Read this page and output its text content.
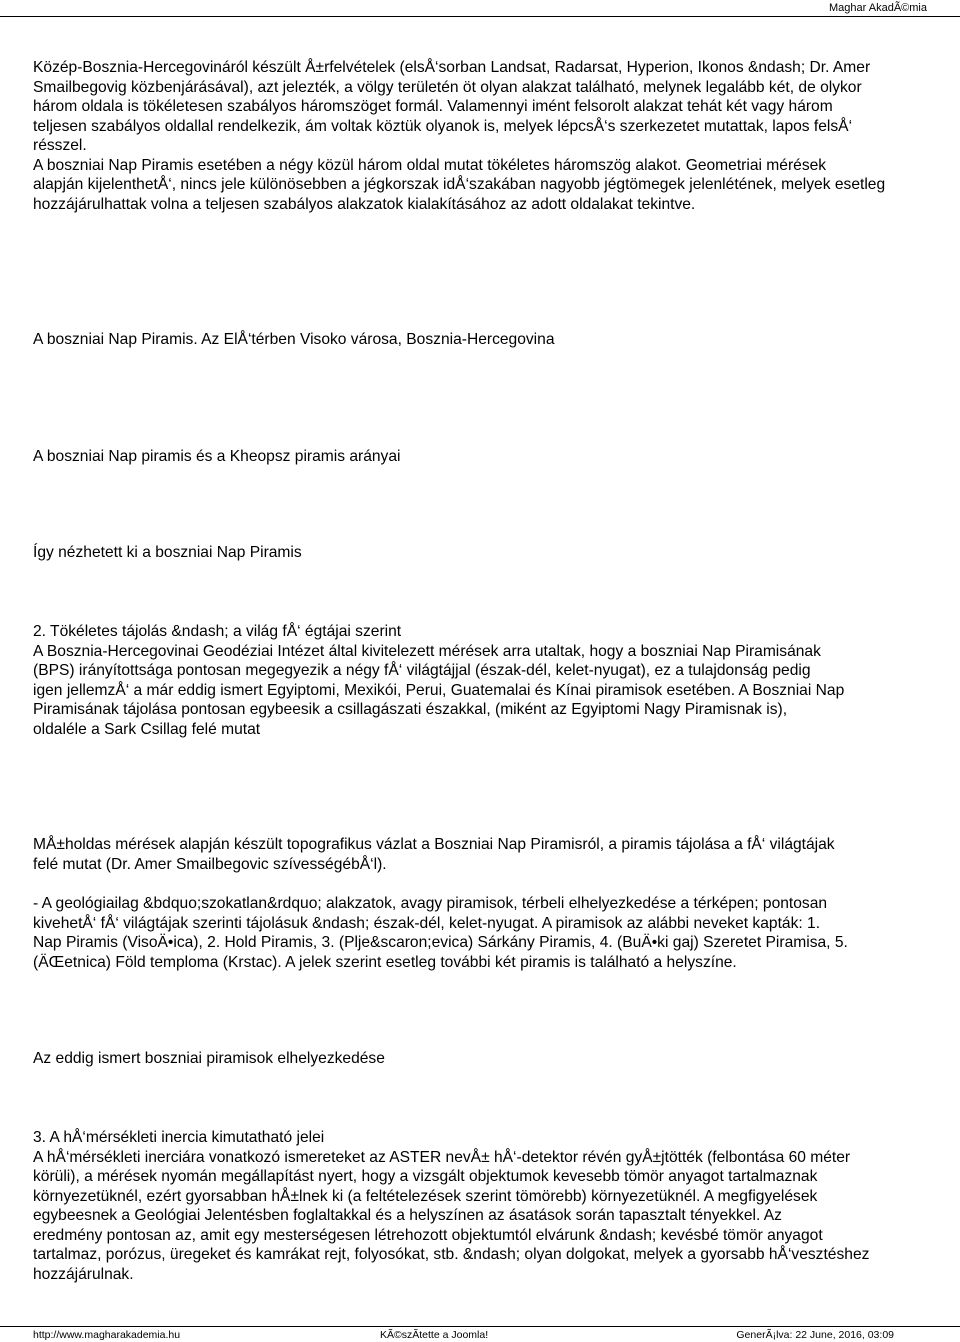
Maghar AkadÃ©mia
Közép-Bosznia-Hercegovináról készült Å±rfelvételek (elsÅ‘sorban Landsat, Radarsat, Hyperion, Ikonos &ndash; Dr. Amer
Smailbegovig közbenjárásával), azt jelezték, a völgy területén öt olyan alakzat található, melynek legalább két, de olykor
három oldala is tökéletesen szabályos háromszöget formál. Valamennyi imént felsorolt alakzat tehát két vagy három
teljesen szabályos oldallal rendelkezik, ám voltak köztük olyanok is, melyek lépcsÅ‘s szerkezetet mutattak, lapos felsÅ‘
résszel.
A boszniai Nap Piramis esetében a négy közül három oldal mutat tökéletes háromszög alakot. Geometriai mérések
alapján kijelenthetÅ‘, nincs jele különösebben a jégkorszak idÅ‘szakában nagyobb jégtömegek jelenlétének, melyek esetleg
hozzájárulhattak volna a teljesen szabályos alakzatok kialakításához az adott oldalakat tekintve.
A boszniai Nap Piramis. Az ElÅ‘térben Visoko városa, Bosznia-Hercegovina
A boszniai Nap piramis és a Kheopsz piramis arányai
Így nézhetett ki a boszniai Nap Piramis
2. Tökéletes tájolás &ndash; a világ fÅ‘ égtájai szerint
A Bosznia-Hercegovinai Geodéziai Intézet által kivitelezett mérések arra utaltak, hogy a boszniai Nap Piramisának
(BPS) irányítottsága pontosan megegyezik a négy fÅ‘ világtájjal (észak-dél, kelet-nyugat), ez a tulajdonság pedig
igen jellemzÅ‘ a már eddig ismert Egyiptomi, Mexikói, Perui, Guatemalai és Kínai piramisok esetében. A Boszniai Nap
Piramisának tájolása pontosan egybeesik a csillagászati északkal, (miként az Egyiptomi Nagy Piramisnak is),
oldaléle a Sark Csillag felé mutat
MÅ±holdas mérések alapján készült topografikus vázlat a Boszniai Nap Piramisról, a piramis tájolása a fÅ‘ világtájak
felé mutat (Dr. Amer Smailbegovic szívességébÅ‘l).
- A geológiailag &bdquo;szokatlan&rdquo; alakzatok, avagy piramisok, térbeli elhelyezkedése a térképen; pontosan
kivehetÅ‘ fÅ‘ világtájak szerinti tájolásuk &ndash; észak-dél, kelet-nyugat. A piramisok az alábbi neveket kapták: 1.
Nap Piramis (VisoÄ•ica), 2. Hold Piramis, 3. (Plje&scaron;evica) Sárkány Piramis, 4. (BuÄ•ki gaj) Szeretet Piramisa, 5.
(ÄŒetnica) Föld temploma (Krstac). A jelek szerint esetleg további két piramis is található a helyszíne.
Az eddig ismert boszniai piramisok elhelyezkedése
3. A hÅ‘mérsékleti inercia kimutatható jelei
A hÅ‘mérsékleti inerciára vonatkozó ismereteket az ASTER nevÅ± hÅ‘-detektor révén gyÅ±jtötték (felbontása 60 méter
körüli), a mérések nyomán megállapítást nyert, hogy a vizsgált objektumok kevesebb tömör anyagot tartalmaznak
környezetüknél, ezért gyorsabban hÅ±lnek ki (a feltételezések szerint tömörebb) környezetüknél. A megfigyelések
egybeesnek a Geológiai Jelentésben foglaltakkal és a helyszínen az ásatások során tapasztalt tényekkel. Az
eredmény pontosan az, amit egy mesterségesen létrehozott objektumtól elvárunk &ndash; kevésbé tömör anyagot
tartalmaz, porózus, üregeket és kamrákat rejt, folyosókat, stb. &ndash; olyan dolgokat, melyek a gyorsabb hÅ‘vesztéshez
hozzájárulnak.
http://www.magharakademia.hu	KÃ©szÃtette a Joomla!	GenerÃ¡lva: 22 June, 2016, 03:09
